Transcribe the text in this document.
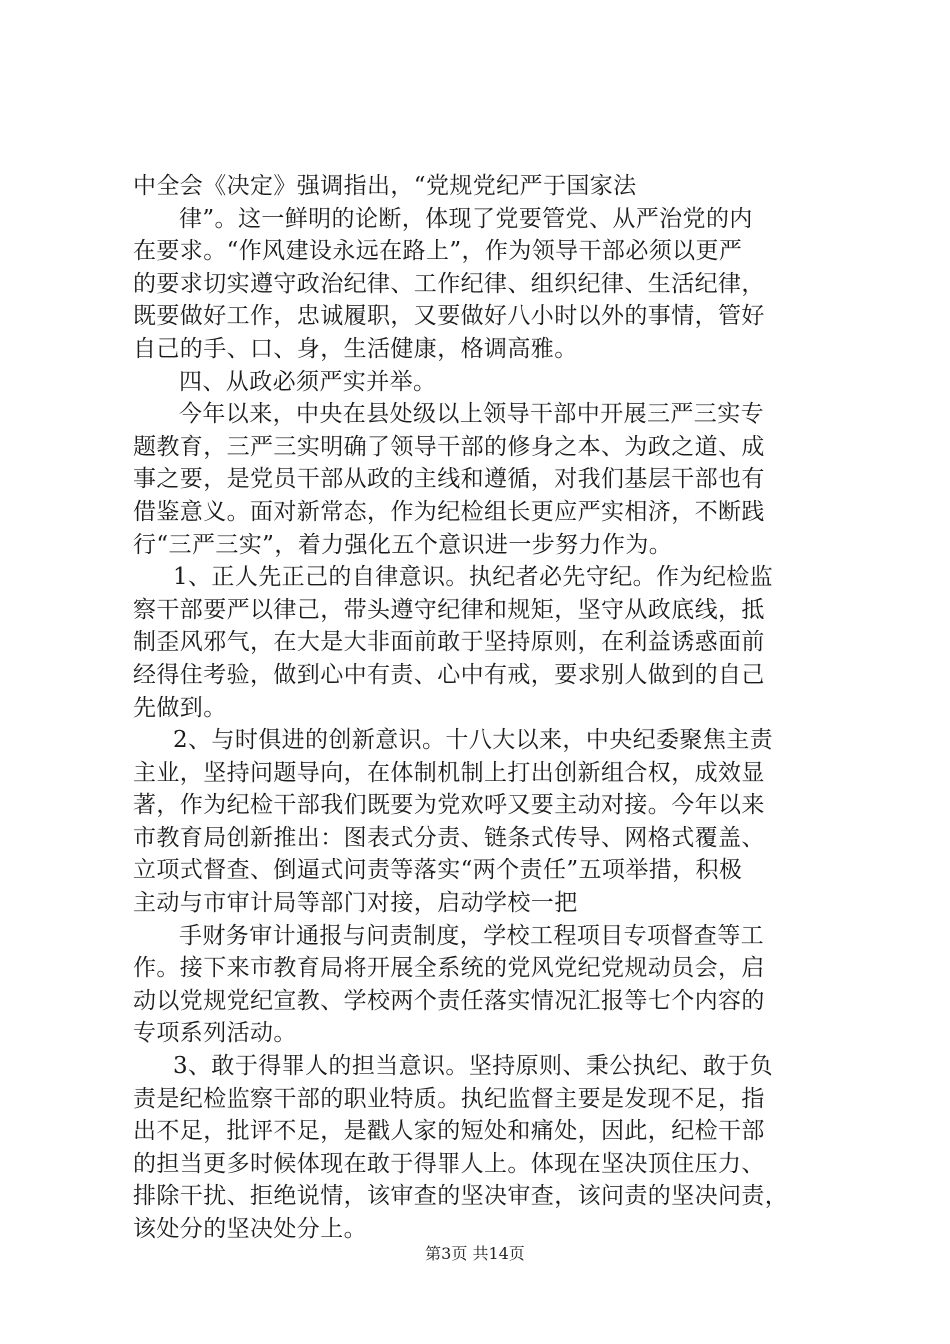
中全会《决定》强调指出，“党规党纪严于国家法
律”。这一鲜明的论断，体现了党要管党、从严治党的内
在要求。“作风建设永远在路上”，作为领导干部必须以更严
的要求切实遵守政治纪律、工作纪律、组织纪律、生活纪律，
既要做好工作，忠诚履职，又要做好八小时以外的事情，管好
自己的手、口、身，生活健康，格调高雅。
四、从政必须严实并举。
今年以来，中央在县处级以上领导干部中开展三严三实专
题教育，三严三实明确了领导干部的修身之本、为政之道、成
事之要，是党员干部从政的主线和遵循，对我们基层干部也有
借鉴意义。面对新常态，作为纪检组长更应严实相济，不断践
行“三严三实”，着力强化五个意识进一步努力作为。
1、正人先正己的自律意识。执纪者必先守纪。作为纪检监
察干部要严以律己，带头遵守纪律和规矩，坚守从政底线，抵
制歪风邪气，在大是大非面前敢于坚持原则，在利益诱惑面前
经得住考验，做到心中有责、心中有戒，要求别人做到的自己
先做到。
2、与时俱进的创新意识。十八大以来，中央纪委聚焦主责
主业，坚持问题导向，在体制机制上打出创新组合权，成效显
著，作为纪检干部我们既要为党欢呼又要主动对接。今年以来
市教育局创新推出：图表式分责、链条式传导、网格式覆盖、
立项式督查、倒逼式问责等落实“两个责任”五项举措，积极
主动与市审计局等部门对接，启动学校一把
手财务审计通报与问责制度，学校工程项目专项督查等工
作。接下来市教育局将开展全系统的党风党纪党规动员会，启
动以党规党纪宣教、学校两个责任落实情况汇报等七个内容的
专项系列活动。
3、敢于得罪人的担当意识。坚持原则、秉公执纪、敢于负
责是纪检监察干部的职业特质。执纪监督主要是发现不足，指
出不足，批评不足，是戳人家的短处和痛处，因此，纪检干部
的担当更多时候体现在敢于得罪人上。体现在坚决顶住压力、
排除干扰、拒绝说情，该审查的坚决审查，该问责的坚决问责，
该处分的坚决处分上。
第3页 共14页
